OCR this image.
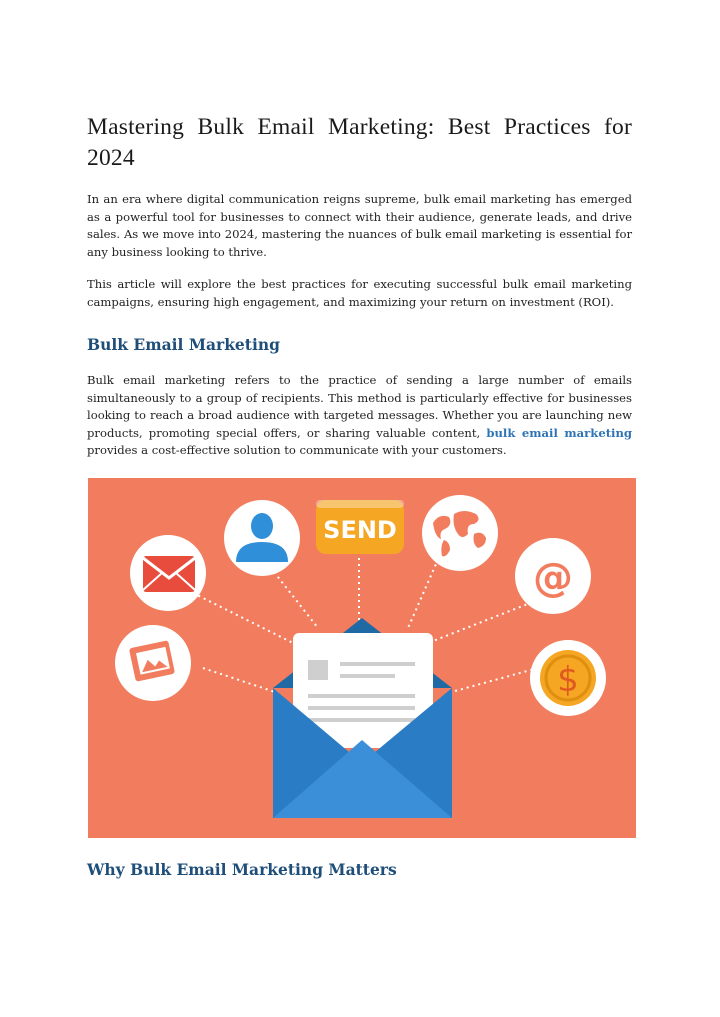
Mastering Bulk Email Marketing: Best Practices for 2024

In an era where digital communication reigns supreme, bulk email marketing has emerged as a powerful tool for businesses to connect with their audience, generate leads, and drive sales. As we move into 2024, mastering the nuances of bulk email marketing is essential for any business looking to thrive.

This article will explore the best practices for executing successful bulk email marketing campaigns, ensuring high engagement, and maximizing your return on investment (ROI).

Bulk Email Marketing

Bulk email marketing refers to the practice of sending a large number of emails simultaneously to a group of recipients. This method is particularly effective for businesses looking to reach a broad audience with targeted messages. Whether you are launching new products, promoting special offers, or sharing valuable content, bulk email marketing provides a cost-effective solution to communicate with your customers.

Why Bulk Email Marketing Matters
SEND
@
$
